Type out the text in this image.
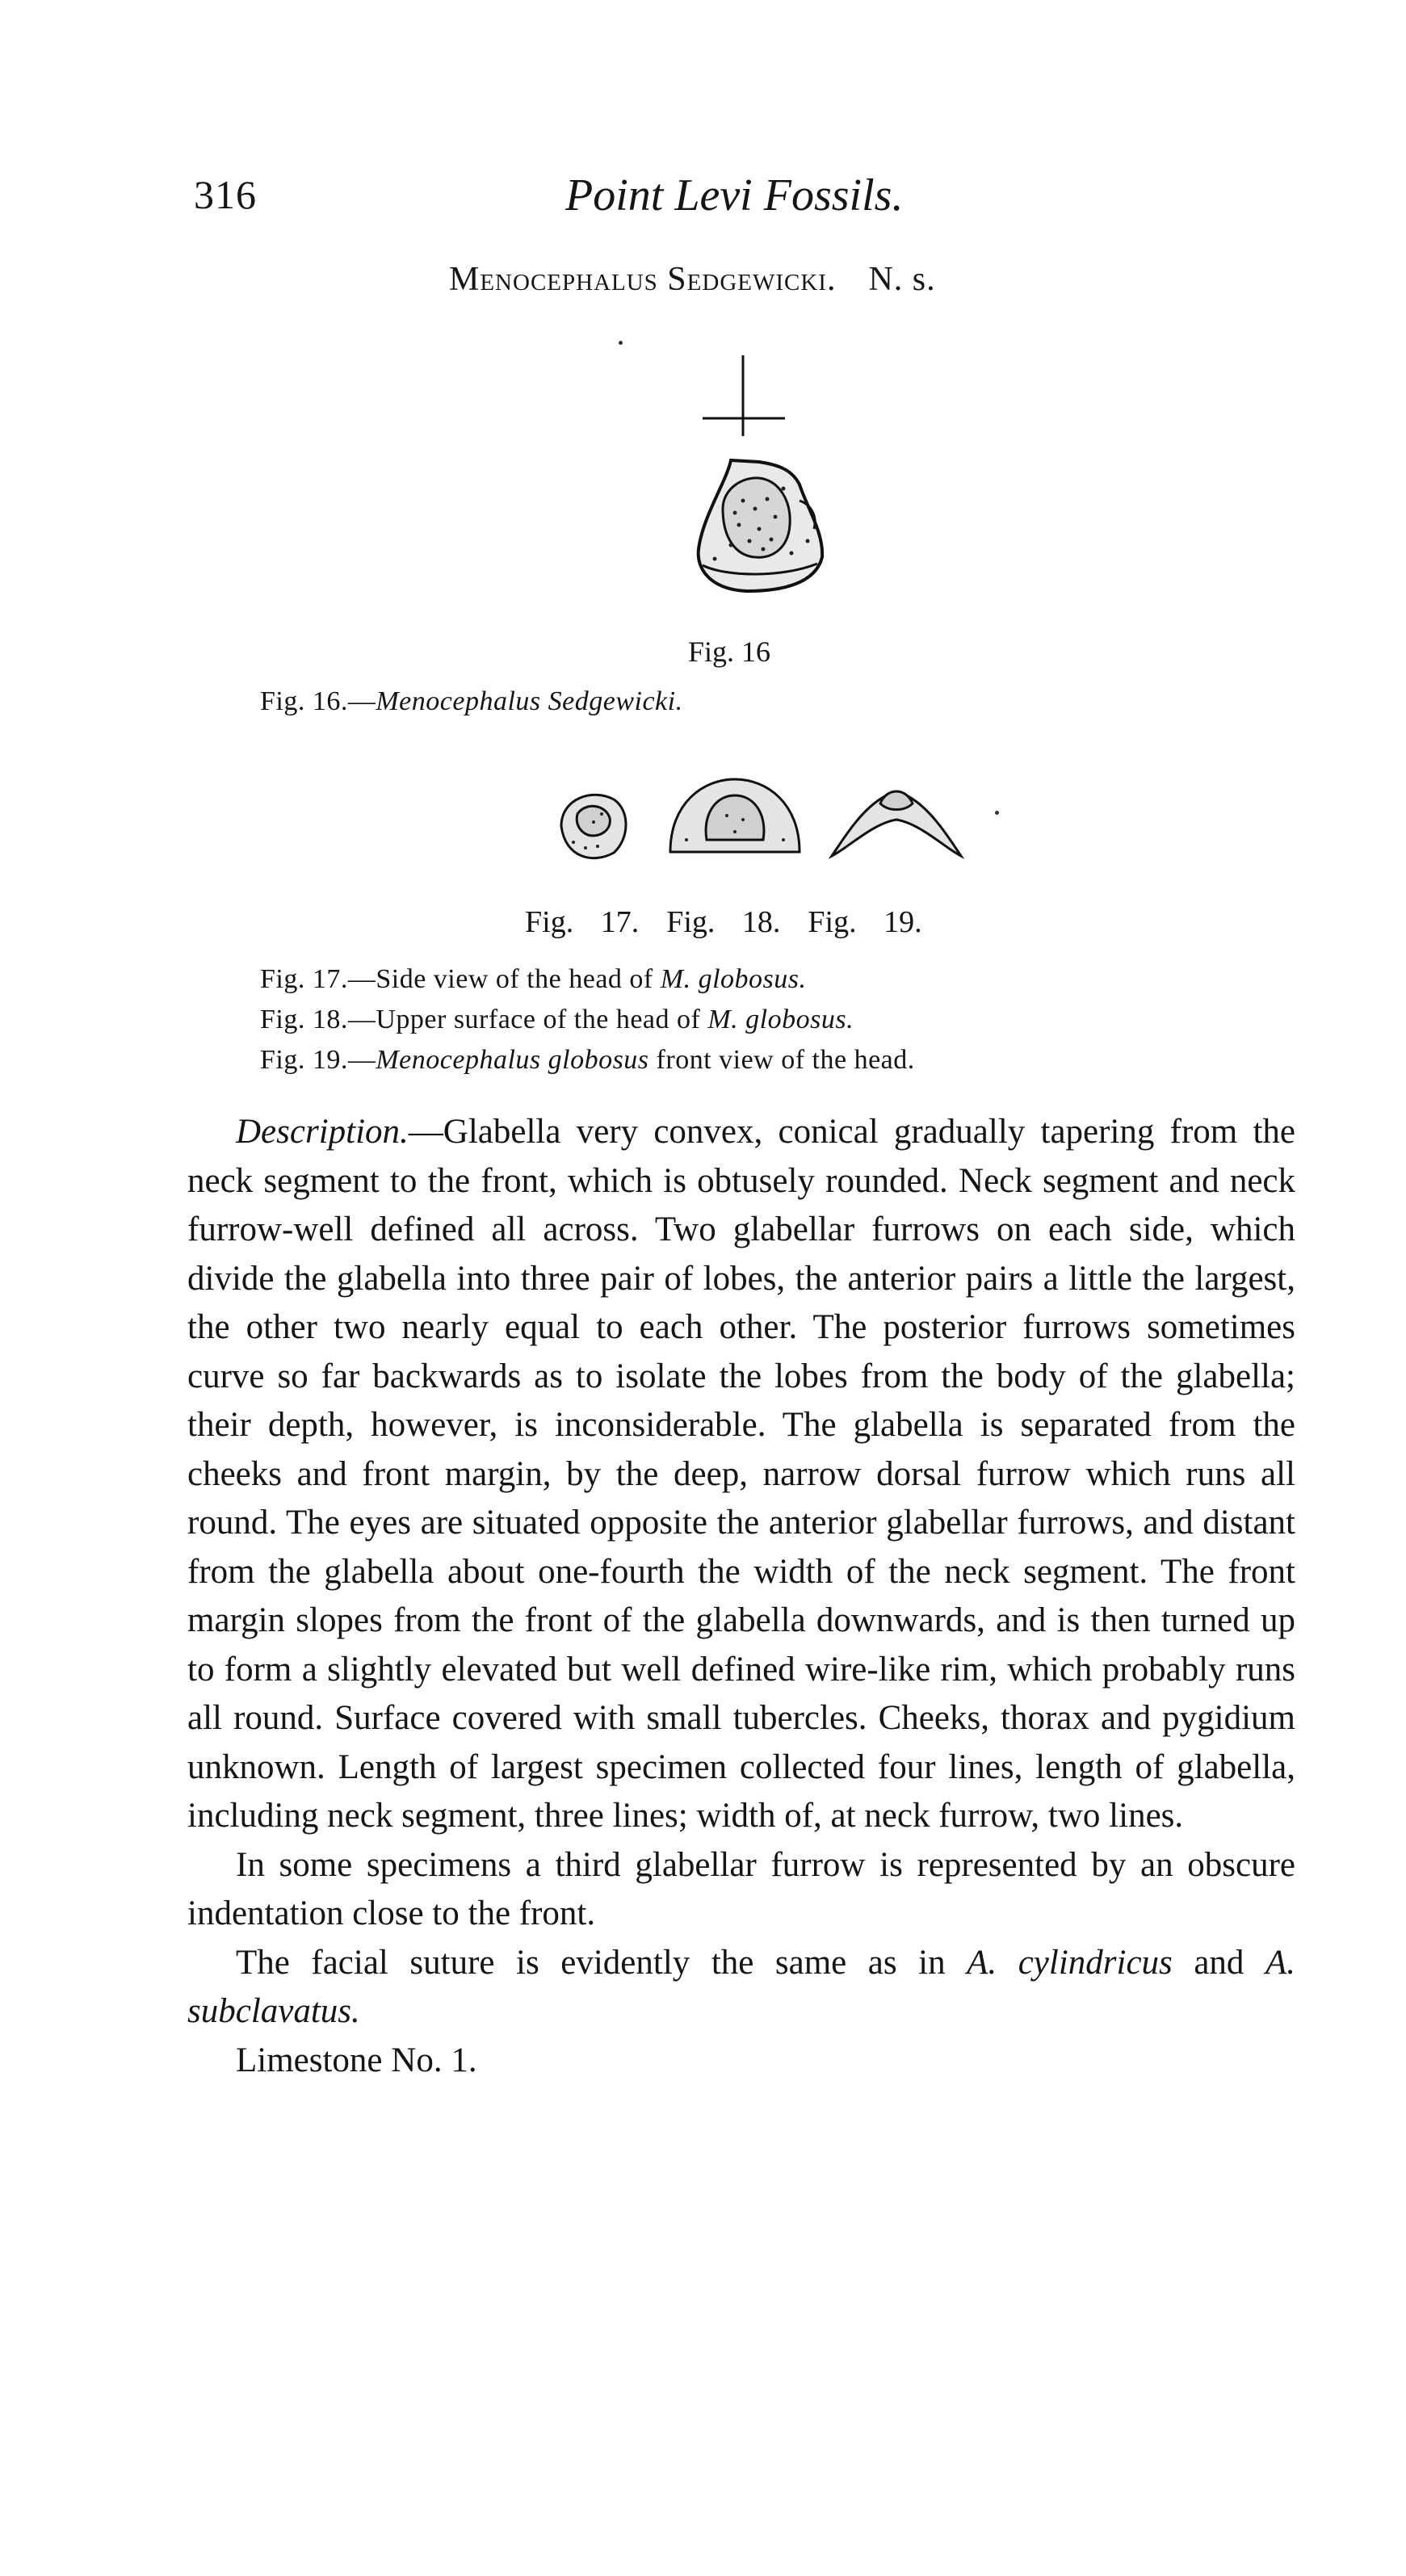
316	Point Levi Fossils.
Menocephalus Sedgewicki. N. s.
Fig. 16
Fig. 16.—Menocephalus Sedgewicki.
Fig. 17. Fig. 18. Fig. 19.
Fig. 17.—Side view of the head of M. globosus.
Fig. 18.—Upper surface of the head of M. globosus.
Fig. 19.—Menocephalus globosus front view of the head.

Description.—Glabella very convex, conical gradually tapering from the neck segment to the front, which is obtusely rounded. Neck segment and neck furrow-well defined all across. Two glabellar furrows on each side, which divide the glabella into three pair of lobes, the anterior pairs a little the largest, the other two nearly equal to each other. The posterior furrows sometimes curve so far backwards as to isolate the lobes from the body of the glabella; their depth, however, is inconsiderable. The glabella is separated from the cheeks and front margin, by the deep, narrow dorsal furrow which runs all round. The eyes are situated opposite the anterior glabellar furrows, and distant from the glabella about one-fourth the width of the neck segment. The front margin slopes from the front of the glabella downwards, and is then turned up to form a slightly elevated but well defined wire-like rim, which probably runs all round. Surface covered with small tubercles. Cheeks, thorax and pygidium unknown. Length of largest specimen collected four lines, length of glabella, including neck segment, three lines; width of, at neck furrow, two lines.

In some specimens a third glabellar furrow is represented by an obscure indentation close to the front.

The facial suture is evidently the same as in A. cylindricus and A. subclavatus.

Limestone No. 1.
